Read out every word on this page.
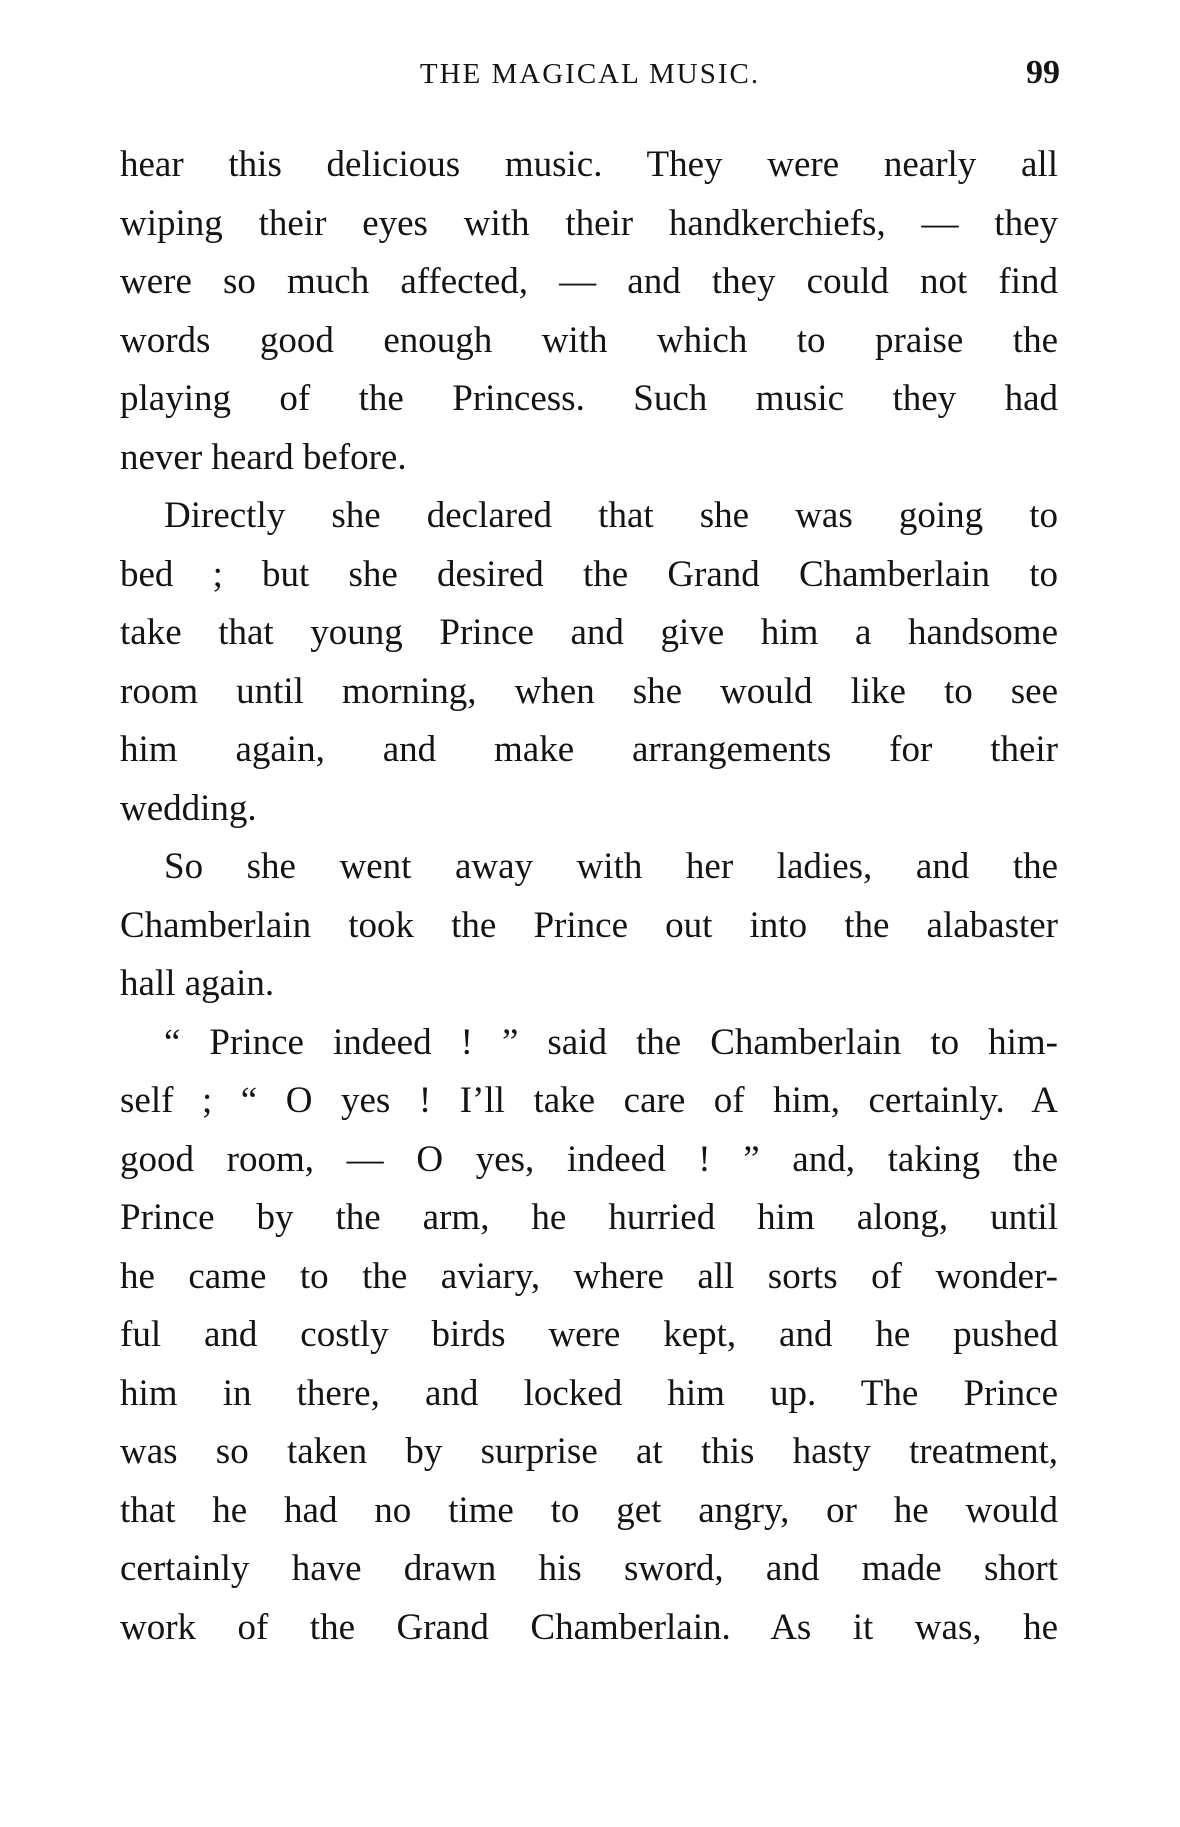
THE MAGICAL MUSIC.	99

hear this delicious music. They were nearly all
wiping their eyes with their handkerchiefs, — they
were so much affected, — and they could not find
words good enough with which to praise the
playing of the Princess. Such music they had
never heard before.

Directly she declared that she was going to
bed ; but she desired the Grand Chamberlain to
take that young Prince and give him a handsome
room until morning, when she would like to see
him again, and make arrangements for their
wedding.

So she went away with her ladies, and the
Chamberlain took the Prince out into the alabaster
hall again.

“ Prince indeed ! ” said the Chamberlain to him-
self ; “ O yes ! I’ll take care of him, certainly. A
good room, — O yes, indeed ! ” and, taking the
Prince by the arm, he hurried him along, until
he came to the aviary, where all sorts of wonder-
ful and costly birds were kept, and he pushed
him in there, and locked him up. The Prince
was so taken by surprise at this hasty treatment,
that he had no time to get angry, or he would
certainly have drawn his sword, and made short
work of the Grand Chamberlain. As it was, he
